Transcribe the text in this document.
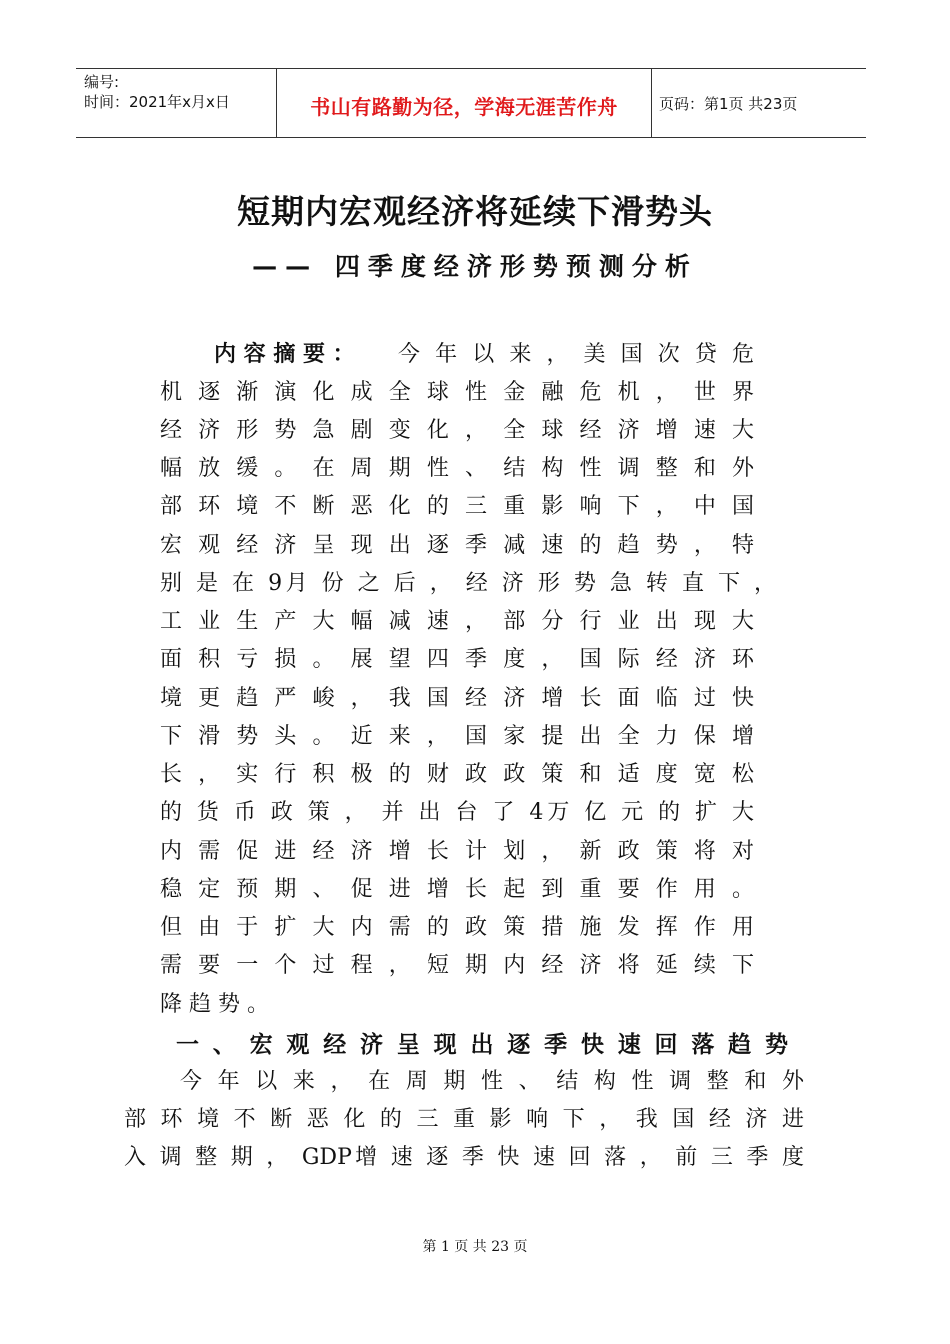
编号:
时间：2021年x月x日	书山有路勤为径，学海无涯苦作舟	页码：第1页 共23页
短期内宏观经济将延续下滑势头
—— 四季度经济形势预测分析
内 容 摘 要 ： 今 年 以 来 ， 美 国 次 贷 危
机 逐 渐 演 化 成 全 球 性 金 融 危 机 ， 世 界
经 济 形 势 急 剧 变 化 ， 全 球 经 济 增 速 大
幅 放 缓 。 在 周 期 性 、 结 构 性 调 整 和 外
部 环 境 不 断 恶 化 的 三 重 影 响 下 ， 中 国
宏 观 经 济 呈 现 出 逐 季 减 速 的 趋 势 ， 特
别 是 在 9月 份 之 后 ， 经 济 形 势 急 转 直 下 ，
工 业 生 产 大 幅 减 速 ， 部 分 行 业 出 现 大
面 积 亏 损 。 展 望 四 季 度 ， 国 际 经 济 环
境 更 趋 严 峻 ， 我 国 经 济 增 长 面 临 过 快
下 滑 势 头 。 近 来 ， 国 家 提 出 全 力 保 增
长 ， 实 行 积 极 的 财 政 政 策 和 适 度 宽 松
的 货 币 政 策 ， 并 出 台 了 4万 亿 元 的 扩 大
内 需 促 进 经 济 增 长 计 划 ， 新 政 策 将 对
稳 定 预 期 、 促 进 增 长 起 到 重 要 作 用 。
但 由 于 扩 大 内 需 的 政 策 措 施 发 挥 作 用
需 要 一 个 过 程 ， 短 期 内 经 济 将 延 续 下
降 趋 势 。
一 、 宏 观 经 济 呈 现 出 逐 季 快 速 回 落 趋 势
今 年 以 来 ， 在 周 期 性 、 结 构 性 调 整 和 外
部 环 境 不 断 恶 化 的 三 重 影 响 下 ， 我 国 经 济 进
入 调 整 期 ， GDP增 速 逐 季 快 速 回 落 ， 前 三 季 度
第 1 页 共 23 页
